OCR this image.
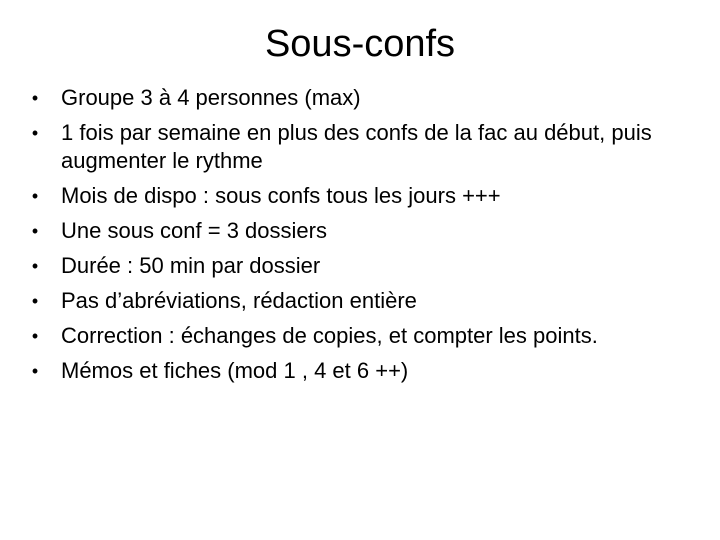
Sous-confs
• Groupe 3 à 4 personnes (max)
• 1 fois par semaine en plus des confs de la fac au début, puis augmenter le rythme
• Mois de dispo : sous confs tous les jours +++
• Une sous conf = 3 dossiers
• Durée : 50 min par dossier
• Pas d’abréviations, rédaction entière
• Correction : échanges de copies, et compter les points.
• Mémos et fiches (mod 1 , 4 et 6 ++)
